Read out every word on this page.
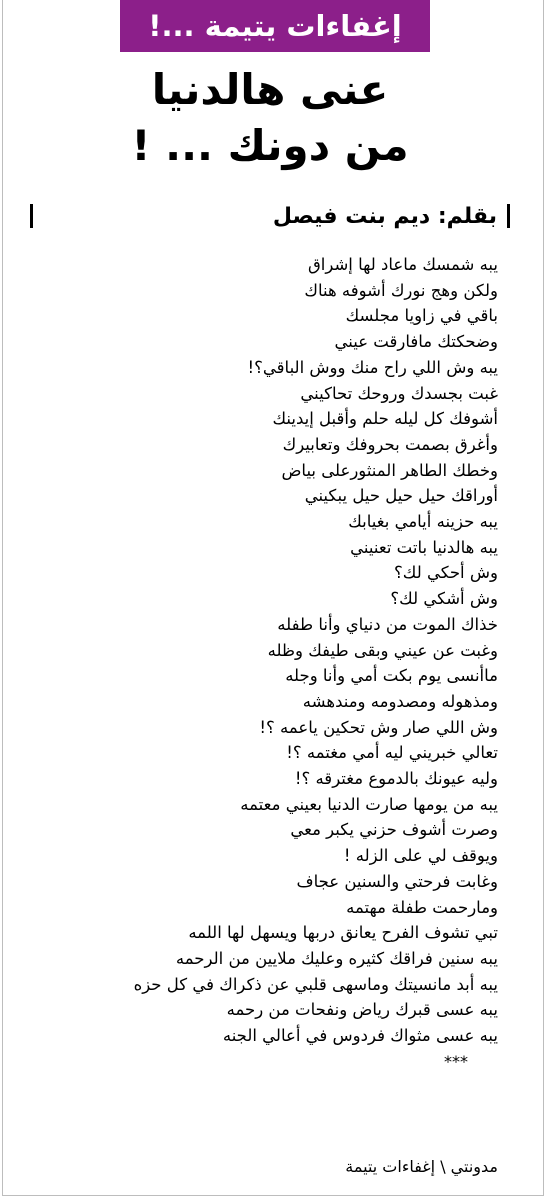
إغفاءات يتيمة ...!
عنى هالدنيا
من دونك ... !
بقلم: ديم بنت فيصل
يبه شمسك ماعاد لها إشراق
ولكن وهج نورك أشوفه هناك
باقي في زاويا مجلسك
وضحكتك مافارقت عيني
يبه وش اللي راح منك ووش الباقي؟!
غبت بجسدك وروحك تحاكيني
أشوفك كل ليله حلم وأقبل إيدينك
وأغرق بصمت بحروفك وتعابيرك
وخطك الطاهر المنثورعلى بياض
أوراقك حيل حيل حيل يبكيني
يبه حزينه أيامي بغيابك
يبه هالدنيا باتت تعنيني
وش أحكي لك؟
وش أشكي لك؟
خذاك الموت من دنياي وأنا طفله
وغبت عن عيني وبقى طيفك وظله
ماأنسى يوم بكت أمي وأنا وجله
ومذهوله ومصدومه ومندهشه
وش اللي صار وش تحكين ياعمه ؟!
تعالي خبريني ليه أمي مغتمه ؟!
وليه عيونك بالدموع مغترقه ؟!
يبه من يومها صارت الدنيا بعيني معتمه
وصرت أشوف حزني يكبر معي
ويوقف لي على الزله !
وغابت فرحتي والسنين عجاف
ومارحمت طفلة مهتمه
تبي تشوف الفرح يعانق دربها ويسهل لها اللمه
يبه سنين فراقك كثيره وعليك ملايين من الرحمه
يبه أبد مانسيتك وماسهى قلبي عن ذكراك في كل حزه
يبه عسى قبرك رياض ونفحات من رحمه
يبه عسى مثواك فردوس في أعالي الجنه
***
مدونتي \ إغفاءات يتيمة
